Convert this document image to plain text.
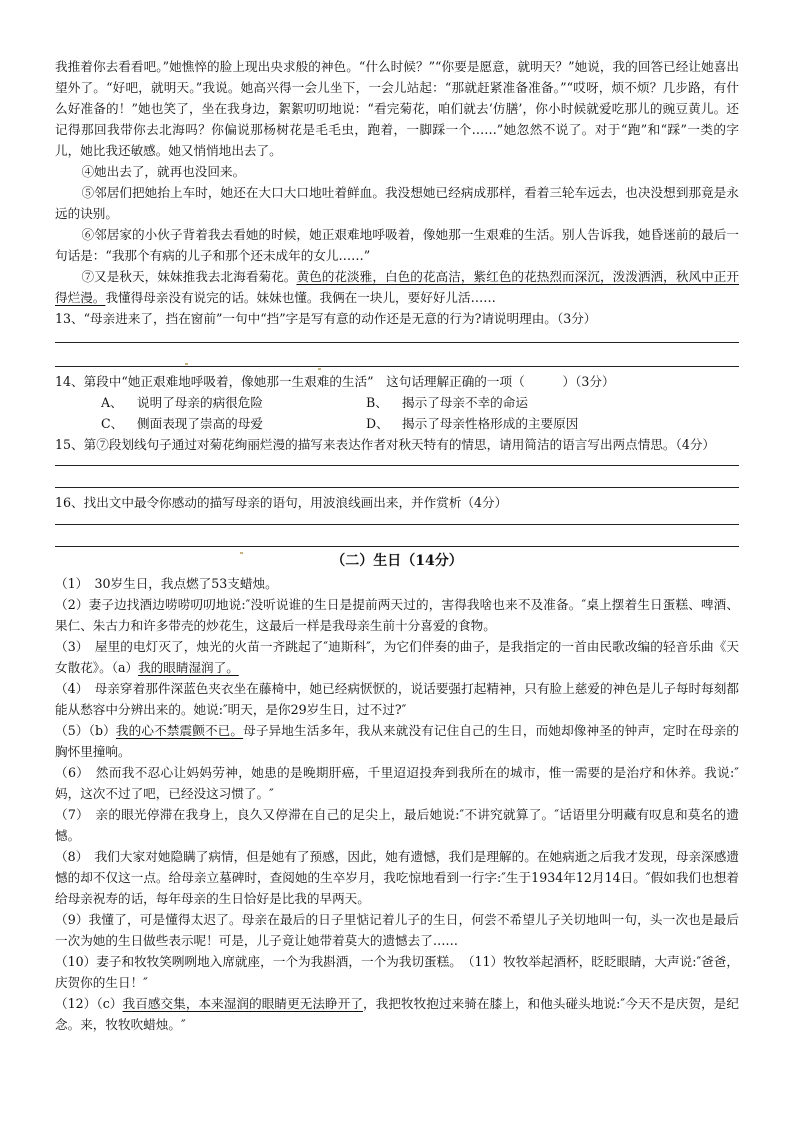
我推着你去看看吧。”她憔悴的脸上现出央求般的神色。“什么时候？”“你要是愿意，就明天？”她说，我的回答已经让她喜出望外了。“好吧，就明天。”我说。她高兴得一会儿坐下，一会儿站起：“那就赶紧准备准备。”“哎呀，烦不烦？几步路，有什么好准备的！”她也笑了，坐在我身边，絮絮叨叨地说：“看完菊花，咱们就去‘仿膳’，你小时候就爱吃那儿的豌豆黄儿。还记得那回我带你去北海吗？你偏说那杨树花是毛毛虫，跑着，一脚踩一个……”她忽然不说了。对于“跑”和“踩”一类的字儿，她比我还敏感。她又悄悄地出去了。

④她出去了，就再也没回来。

⑤邻居们把她抬上车时，她还在大口大口地吐着鲜血。我没想她已经病成那样，看着三轮车远去，也决没想到那竟是永远的诀别。

⑥邻居家的小伙子背着我去看她的时候，她正艰难地呼吸着，像她那一生艰难的生活。别人告诉我，她昏迷前的最后一句话是：“我那个有病的儿子和那个还未成年的女儿……”

⑦又是秋天，妹妹推我去北海看菊花。黄色的花淡雅，白色的花高洁，紫红色的花热烈而深沉，泼泼洒洒，秋风中正开得烂漫。我懂得母亲没有说完的话。妹妹也懂。我俩在一块儿，要好好儿活……

13、“母亲进来了，挡在窗前”一句中“挡”字是写有意的动作还是无意的行为?请说明理由。（3分）

14、第段中“她正艰难地呼吸着，像她那一生艰难的生活”　这句话理解正确的一项（　　　）（3分）

A、 说明了母亲的病很危险	B、 揭示了母亲不幸的命运
C、 侧面表现了崇高的母爱	D、 揭示了母亲性格形成的主要原因

15、第⑦段划线句子通过对菊花绚丽烂漫的描写来表达作者对秋天特有的情思，请用简洁的语言写出两点情思。（4分）

16、找出文中最令你感动的描写母亲的语句，用波浪线画出来，并作赏析（4分）

（二）生日（14分）

（1）　30岁生日，我点燃了53支蜡烛。

（2）妻子边找酒边唠唠叨叨地说:″没听说谁的生日是提前两天过的，害得我啥也来不及准备。″桌上摆着生日蛋糕、啤酒、果仁、朱古力和许多带壳的炒花生，这最后一样是我母亲生前十分喜爱的食物。

（3）　屋里的电灯灭了，烛光的火苗一齐跳起了″迪斯科″，为它们伴奏的曲子，是我指定的一首由民歌改编的轻音乐曲《天女散花》。（a）我的眼睛湿润了。

（4）　母亲穿着那件深蓝色夹衣坐在藤椅中，她已经病恹恹的，说话要强打起精神，只有脸上慈爱的神色是儿子每时每刻都能从愁容中分辨出来的。她说:″明天，是你29岁生日，过不过?″

（5）（b）我的心不禁震颤不已。母子异地生活多年，我从来就没有记住自己的生日，而她却像神圣的钟声，定时在母亲的胸怀里撞响。

（6）　然而我不忍心让妈妈劳神，她患的是晚期肝癌，千里迢迢投奔到我所在的城市，惟一需要的是治疗和休养。我说:″妈，这次不过了吧，已经没这习惯了。″

（7）　亲的眼光停滞在我身上，良久又停滞在自己的足尖上，最后她说:″不讲究就算了。″话语里分明藏有叹息和莫名的遗憾。

（8）　我们大家对她隐瞒了病情，但是她有了预感，因此，她有遗憾，我们是理解的。在她病逝之后我才发现，母亲深感遗憾的却不仅这一点。给母亲立墓碑时，查阅她的生卒岁月，我吃惊地看到一行字:″生于1934年12月14日。″假如我们也想着给母亲祝寿的话，每年母亲的生日恰好是比我的早两天。

（9）我懂了，可是懂得太迟了。母亲在最后的日子里惦记着儿子的生日，何尝不希望儿子关切地叫一句，头一次也是最后一次为她的生日做些表示呢！可是，儿子竟让她带着莫大的遗憾去了……

（10）妻子和牧牧笑咧咧地入席就座，一个为我斟酒，一个为我切蛋糕。　（11）牧牧举起酒杯，眨眨眼睛，大声说:″爸爸，庆贺你的生日！″

（12）（c）我百感交集，本来湿润的眼睛更无法睁开了，我把牧牧抱过来骑在膝上，和他头碰头地说:″今天不是庆贺，是纪念。来，牧牧吹蜡烛。″
